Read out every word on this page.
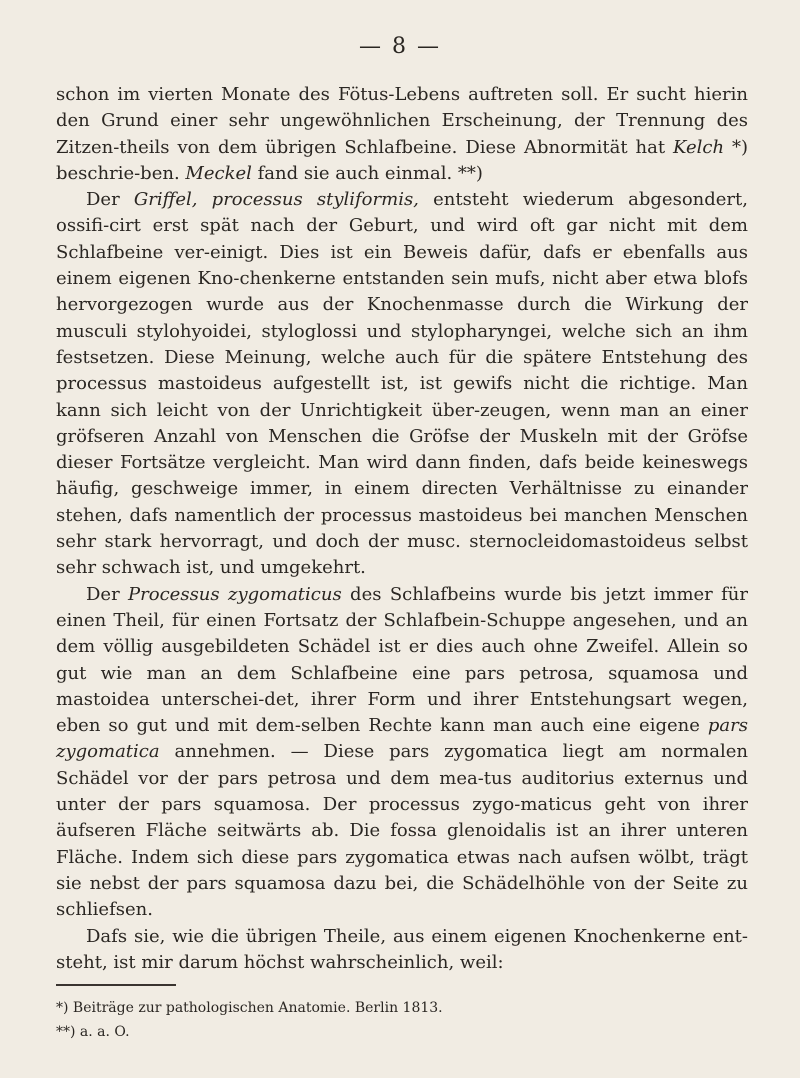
— 8 —

schon im vierten Monate des Fötus-Lebens auftreten soll. Er sucht hierin den Grund einer sehr ungewöhnlichen Erscheinung, der Trennung des Zitzen-theils von dem übrigen Schlafbeine. Diese Abnormität hat Kelch *) beschrie-ben. Meckel fand sie auch einmal. **)

Der Griffel, processus styliformis, entsteht wiederum abgesondert, ossifi-cirt erst spät nach der Geburt, und wird oft gar nicht mit dem Schlafbeine ver-einigt. Dies ist ein Beweis dafür, dafs er ebenfalls aus einem eigenen Kno-chenkerne entstanden sein mufs, nicht aber etwa blofs hervorgezogen wurde aus der Knochenmasse durch die Wirkung der musculi stylohyoidei, styloglossi und stylopharyngei, welche sich an ihm festsetzen. Diese Meinung, welche auch für die spätere Entstehung des processus mastoideus aufgestellt ist, ist gewifs nicht die richtige. Man kann sich leicht von der Unrichtigkeit über-zeugen, wenn man an einer gröfseren Anzahl von Menschen die Gröfse der Muskeln mit der Gröfse dieser Fortsätze vergleicht. Man wird dann finden, dafs beide keineswegs häufig, geschweige immer, in einem directen Verhältnisse zu einander stehen, dafs namentlich der processus mastoideus bei manchen Menschen sehr stark hervorragt, und doch der musc. sternocleidomastoideus selbst sehr schwach ist, und umgekehrt.

Der Processus zygomaticus des Schlafbeins wurde bis jetzt immer für einen Theil, für einen Fortsatz der Schlafbein-Schuppe angesehen, und an dem völlig ausgebildeten Schädel ist er dies auch ohne Zweifel. Allein so gut wie man an dem Schlafbeine eine pars petrosa, squamosa und mastoidea unterschei-det, ihrer Form und ihrer Entstehungsart wegen, eben so gut und mit dem-selben Rechte kann man auch eine eigene pars zygomatica annehmen. — Diese pars zygomatica liegt am normalen Schädel vor der pars petrosa und dem mea-tus auditorius externus und unter der pars squamosa. Der processus zygo-maticus geht von ihrer äufseren Fläche seitwärts ab. Die fossa glenoidalis ist an ihrer unteren Fläche. Indem sich diese pars zygomatica etwas nach aufsen wölbt, trägt sie nebst der pars squamosa dazu bei, die Schädelhöhle von der Seite zu schliefsen.

Dafs sie, wie die übrigen Theile, aus einem eigenen Knochenkerne ent-steht, ist mir darum höchst wahrscheinlich, weil:

*) Beiträge zur pathologischen Anatomie. Berlin 1813.

**) a. a. O.
